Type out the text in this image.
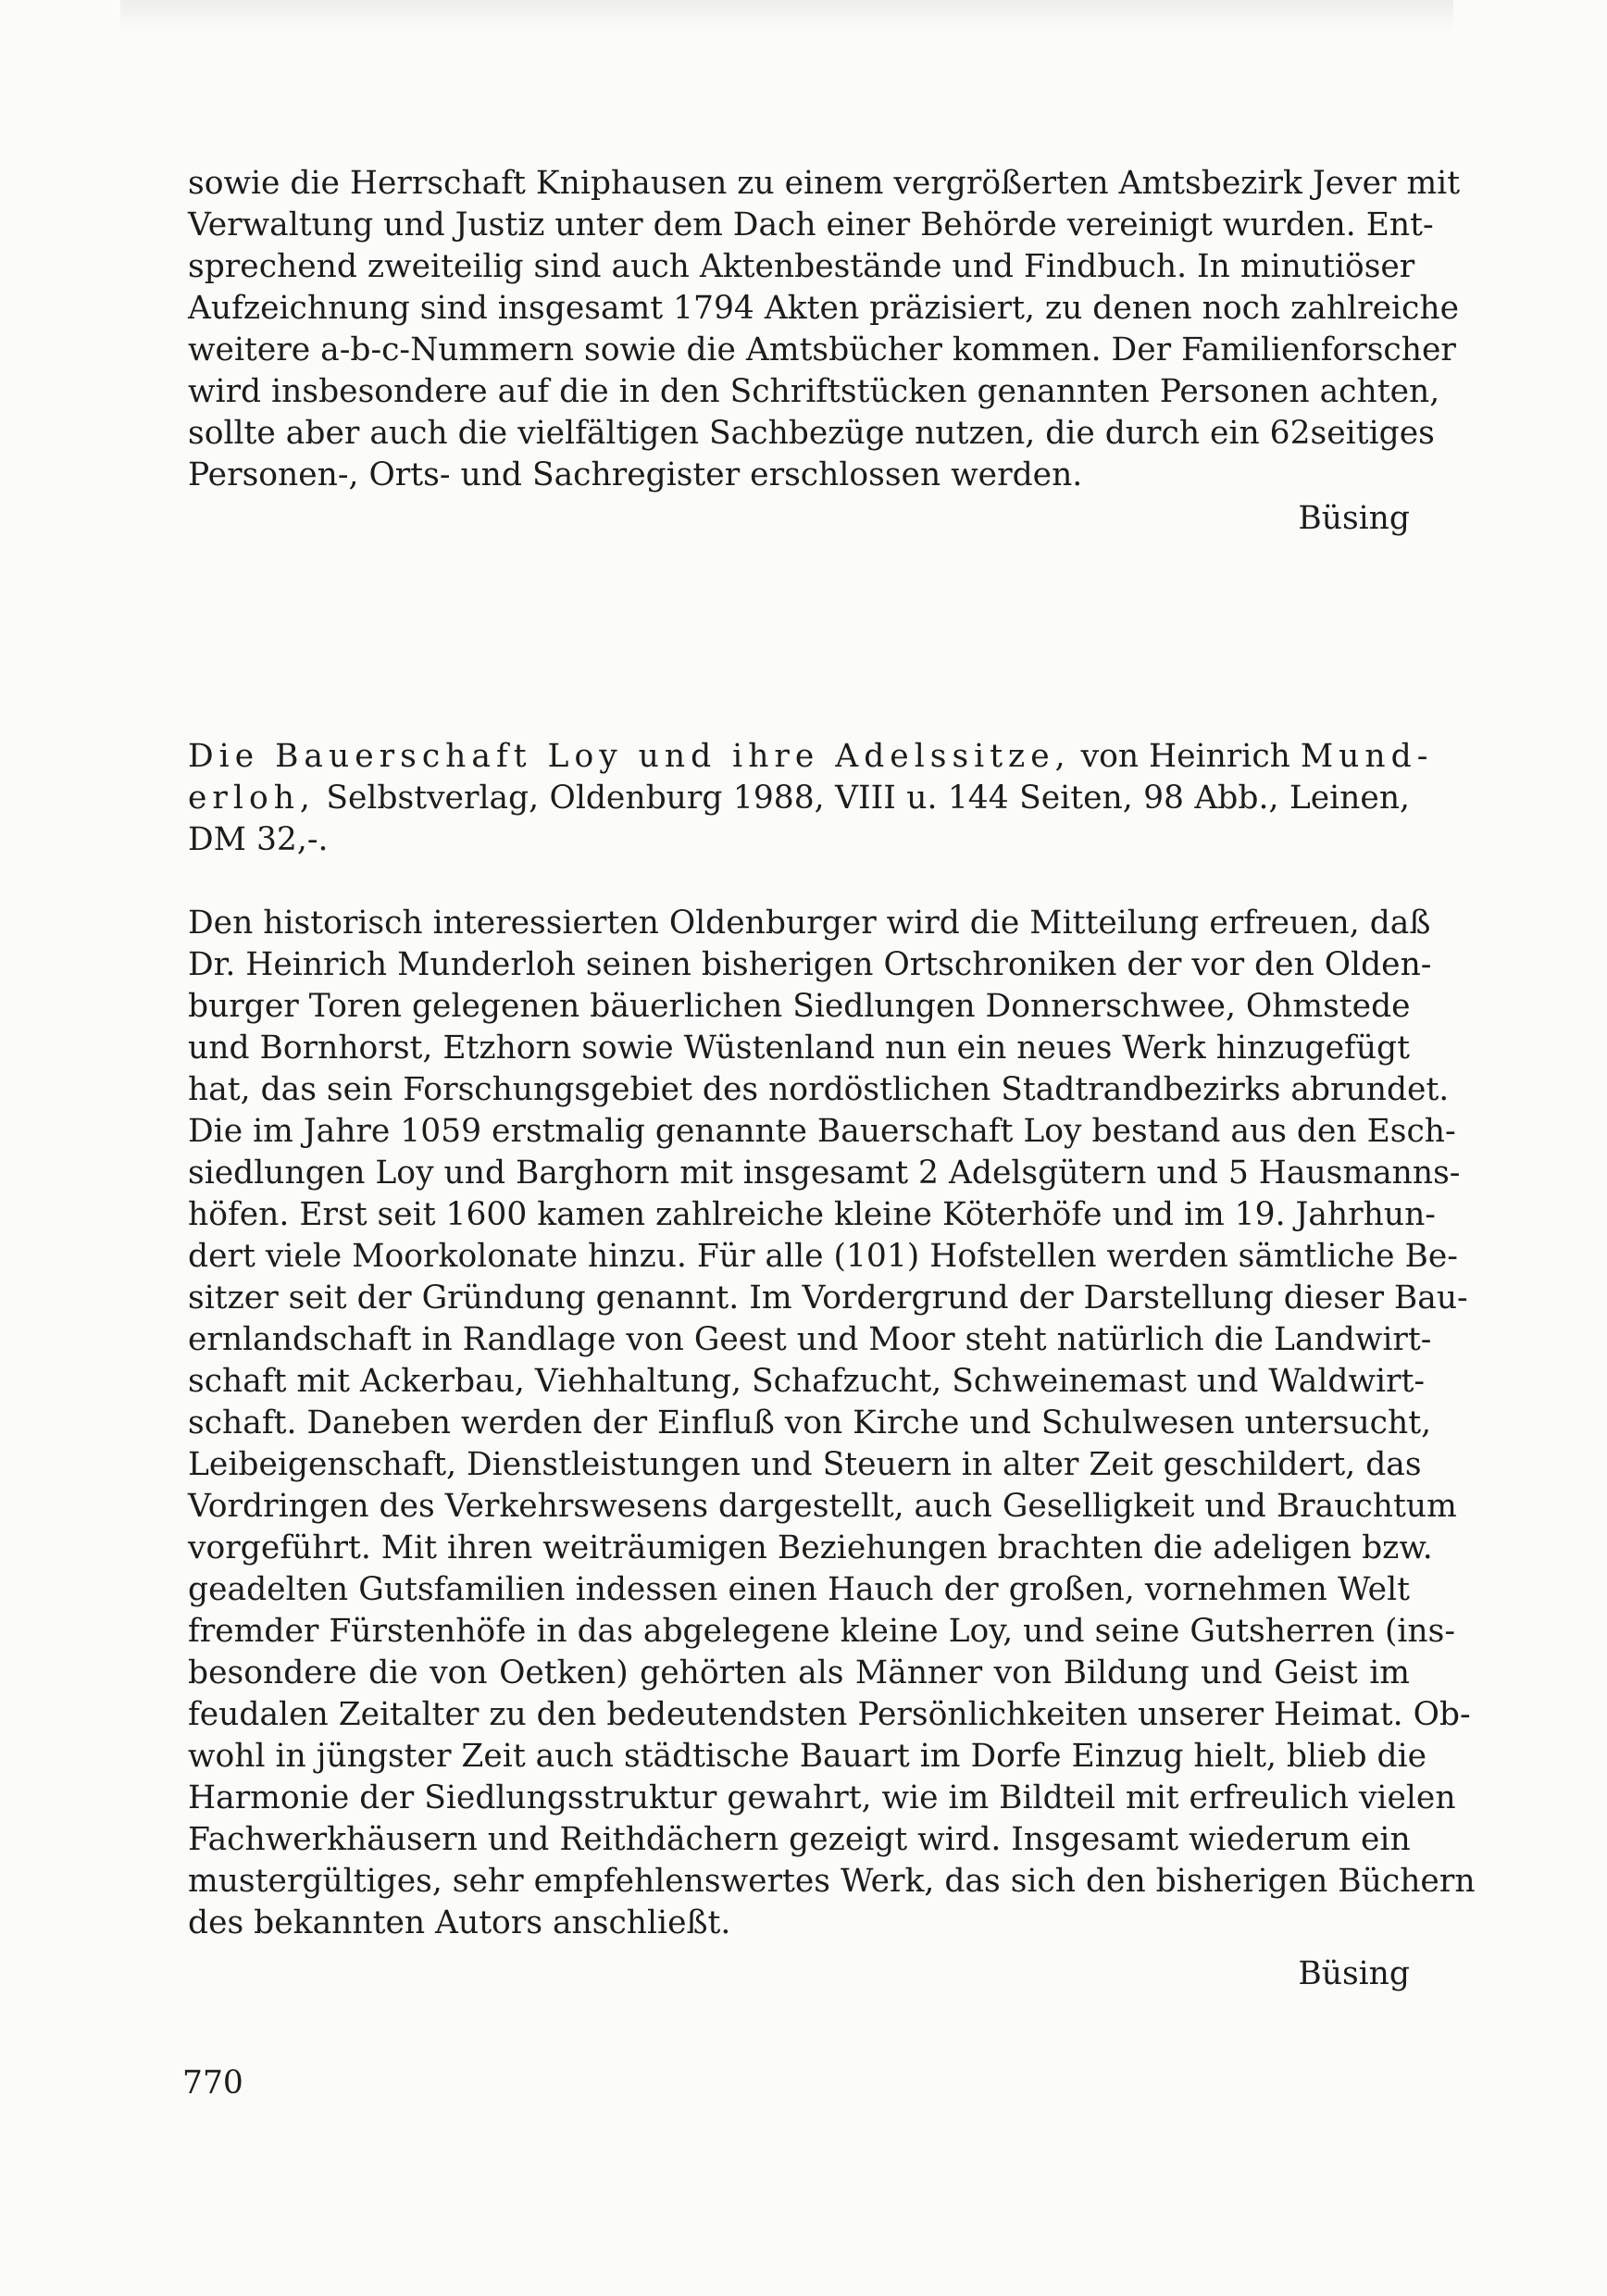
sowie die Herrschaft Kniphausen zu einem vergrößerten Amtsbezirk Jever mit
Verwaltung und Justiz unter dem Dach einer Behörde vereinigt wurden. Ent-
sprechend zweiteilig sind auch Aktenbestände und Findbuch. In minutiöser
Aufzeichnung sind insgesamt 1794 Akten präzisiert, zu denen noch zahlreiche
weitere a-b-c-Nummern sowie die Amtsbücher kommen. Der Familienforscher
wird insbesondere auf die in den Schriftstücken genannten Personen achten,
sollte aber auch die vielfältigen Sachbezüge nutzen, die durch ein 62seitiges
Personen-, Orts- und Sachregister erschlossen werden.

Büsing

Die Bauerschaft Loy und ihre Adelssitze, von Heinrich Mund-
erloh, Selbstverlag, Oldenburg 1988, VIII u. 144 Seiten, 98 Abb., Leinen,
DM 32,-.
Den historisch interessierten Oldenburger wird die Mitteilung erfreuen, daß
Dr. Heinrich Munderloh seinen bisherigen Ortschroniken der vor den Olden-
burger Toren gelegenen bäuerlichen Siedlungen Donnerschwee, Ohmstede
und Bornhorst, Etzhorn sowie Wüstenland nun ein neues Werk hinzugefügt
hat, das sein Forschungsgebiet des nordöstlichen Stadtrandbezirks abrundet.
Die im Jahre 1059 erstmalig genannte Bauerschaft Loy bestand aus den Esch-
siedlungen Loy und Barghorn mit insgesamt 2 Adelsgütern und 5 Hausmanns-
höfen. Erst seit 1600 kamen zahlreiche kleine Köterhöfe und im 19. Jahrhun-
dert viele Moorkolonate hinzu. Für alle (101) Hofstellen werden sämtliche Be-
sitzer seit der Gründung genannt. Im Vordergrund der Darstellung dieser Bau-
ernlandschaft in Randlage von Geest und Moor steht natürlich die Landwirt-
schaft mit Ackerbau, Viehhaltung, Schafzucht, Schweinemast und Waldwirt-
schaft. Daneben werden der Einfluß von Kirche und Schulwesen untersucht,
Leibeigenschaft, Dienstleistungen und Steuern in alter Zeit geschildert, das
Vordringen des Verkehrswesens dargestellt, auch Geselligkeit und Brauchtum
vorgeführt. Mit ihren weiträumigen Beziehungen brachten die adeligen bzw.
geadelten Gutsfamilien indessen einen Hauch der großen, vornehmen Welt
fremder Fürstenhöfe in das abgelegene kleine Loy, und seine Gutsherren (ins-
besondere die von Oetken) gehörten als Männer von Bildung und Geist im
feudalen Zeitalter zu den bedeutendsten Persönlichkeiten unserer Heimat. Ob-
wohl in jüngster Zeit auch städtische Bauart im Dorfe Einzug hielt, blieb die
Harmonie der Siedlungsstruktur gewahrt, wie im Bildteil mit erfreulich vielen
Fachwerkhäusern und Reithdächern gezeigt wird. Insgesamt wiederum ein
mustergültiges, sehr empfehlenswertes Werk, das sich den bisherigen Büchern
des bekannten Autors anschließt.

Büsing

770
